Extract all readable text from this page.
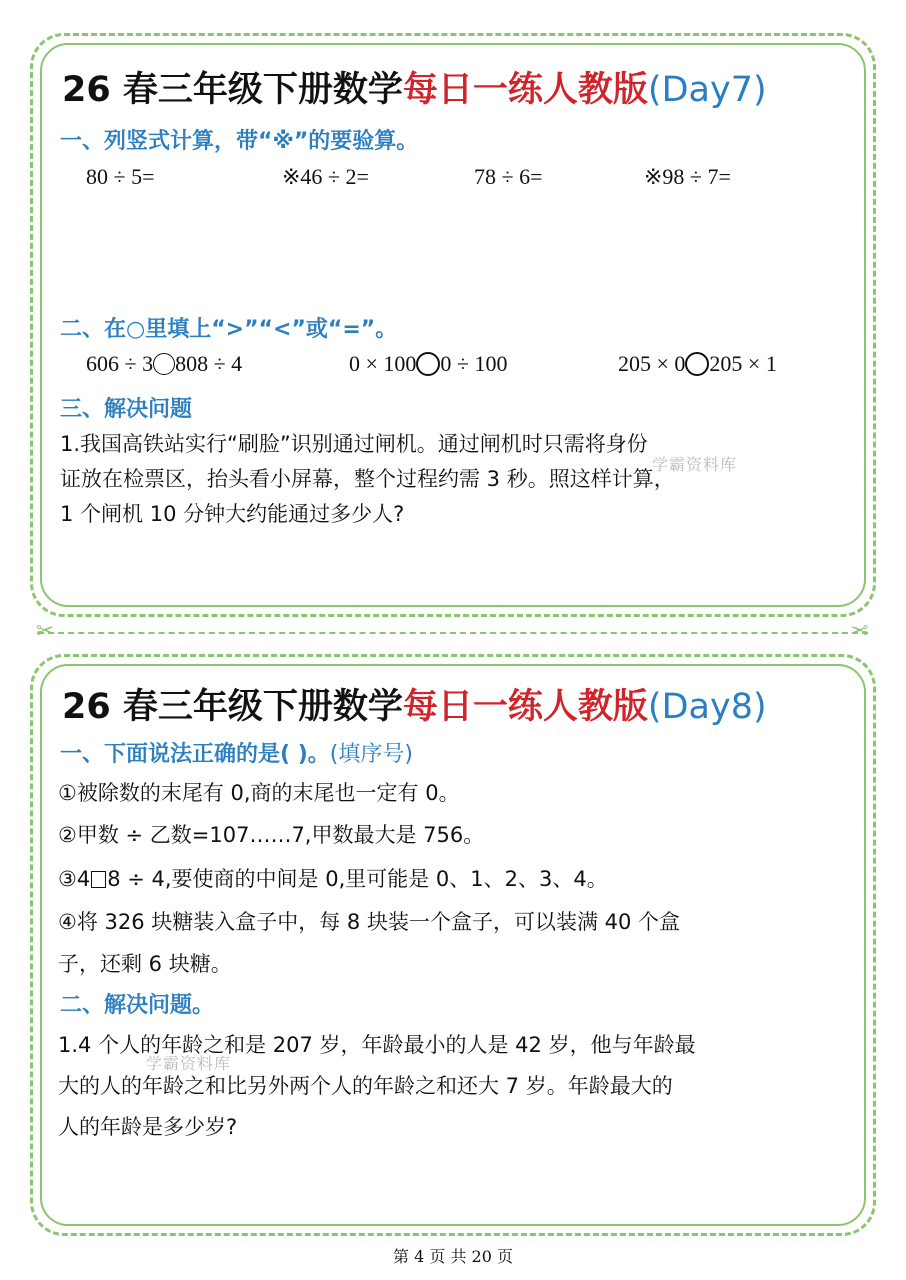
26 春三年级下册数学每日一练人教版(Day7)
一、列竖式计算，带“※”的要验算。
80 ÷ 5=	※46 ÷ 2=	78 ÷ 6=	※98 ÷ 7=
二、在○里填上“>”“<”或“=”。
606 ÷ 3 808 ÷ 4	0 × 100 0 ÷ 100	205 × 0 205 × 1
三、解决问题
1.我国高铁站实行“刷脸”识别通过闸机。通过闸机时只需将身份
证放在检票区，抬头看小屏幕，整个过程约需 3 秒。照这样计算，
1 个闸机 10 分钟大约能通过多少人?
✂	✂
26 春三年级下册数学每日一练人教版(Day8)
一、下面说法正确的是( )。(填序号)
①被除数的末尾有 0,商的末尾也一定有 0。
②甲数 ÷ 乙数=107……7,甲数最大是 756。
③4 8 ÷ 4,要使商的中间是 0,里可能是 0、1、2、3、4。
④将 326 块糖装入盒子中，每 8 块装一个盒子，可以装满 40 个盒
子，还剩 6 块糖。
二、解决问题。
1.4 个人的年龄之和是 207 岁，年龄最小的人是 42 岁，他与年龄最
大的人的年龄之和比另外两个人的年龄之和还大 7 岁。年龄最大的
人的年龄是多少岁?
学霸资料库
学霸资料库
第 4 页 共 20 页
